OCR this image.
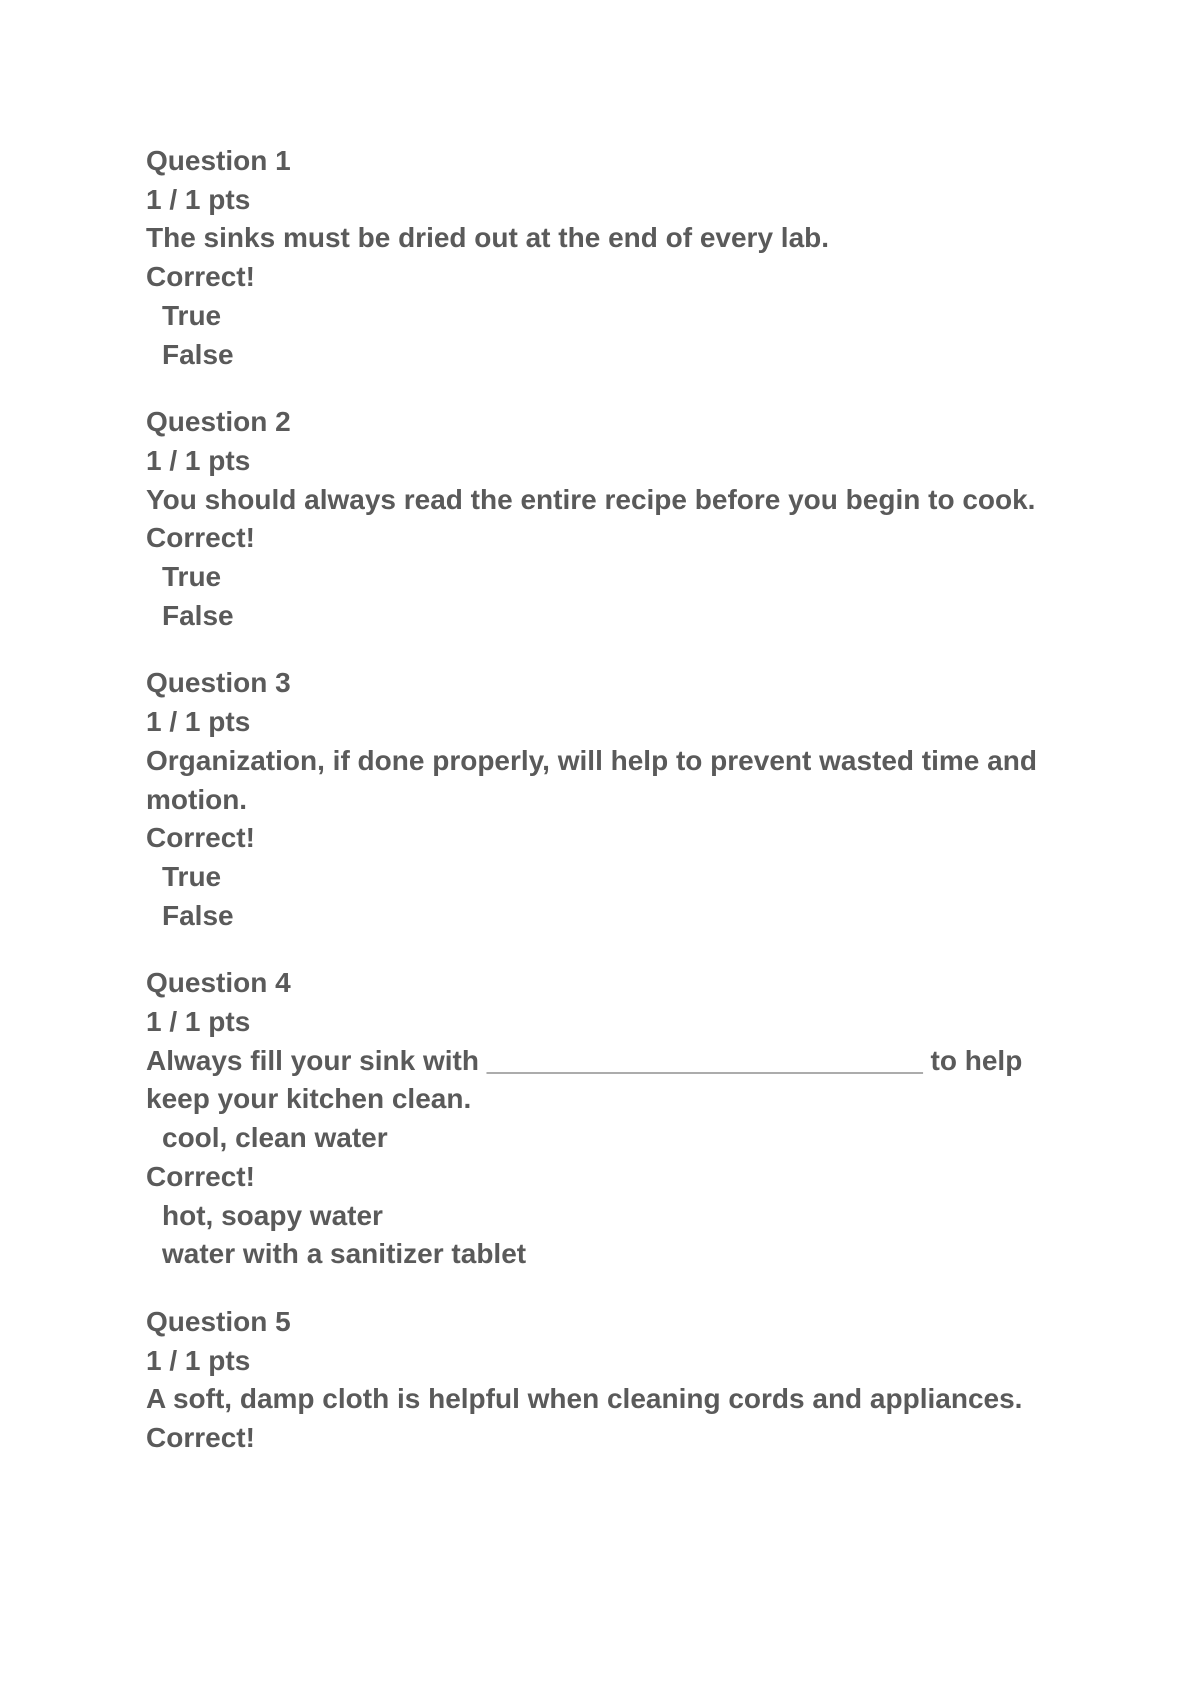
Question 1

1 / 1 pts

The sinks must be dried out at the end of every lab.

Correct!

True

False

Question 2

1 / 1 pts

You should always read the entire recipe before you begin to cook.

Correct!

True

False

Question 3

1 / 1 pts

Organization, if done properly, will help to prevent wasted time and motion.

Correct!

True

False

Question 4

1 / 1 pts

Always fill your sink with ____________________________ to help keep your kitchen clean.

cool, clean water

Correct!

hot, soapy water

water with a sanitizer tablet

Question 5

1 / 1 pts

A soft, damp cloth is helpful when cleaning cords and appliances.

Correct!
